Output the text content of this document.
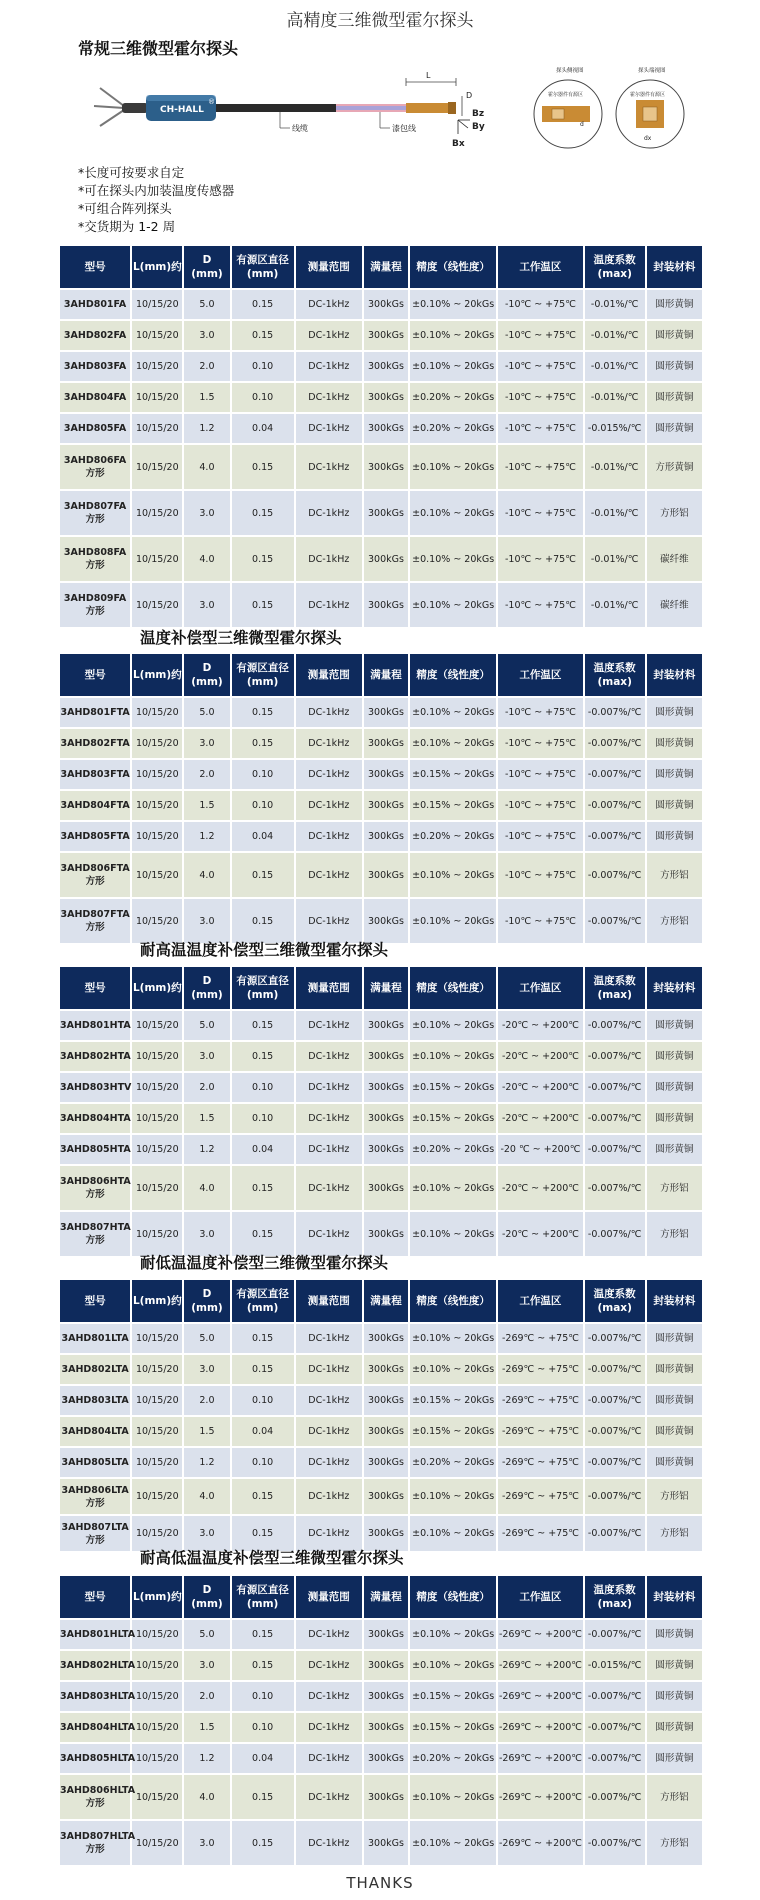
高精度三维微型霍尔探头
常规三维微型霍尔探头
CH-HALL
®
L
D
Bz
By
Bx
线缆	漆包线
探头侧视图
霍尔器件有源区
d
探头端视图
霍尔器件有源区
dx
*长度可按要求自定
*可在探头内加装温度传感器
*可组合阵列探头
*交货期为 1-2 周
型号	L(mm)约	D
(mm)	有源区直径
(mm)	测量范围	满量程	精度（线性度）	工作温区	温度系数
(max)	封装材料
3AHD801FA	10/15/20	5.0	0.15	DC-1kHz	300kGs	±0.10% ~ 20kGs	-10℃ ~ +75℃	-0.01%/℃	圆形黄铜
3AHD802FA	10/15/20	3.0	0.15	DC-1kHz	300kGs	±0.10% ~ 20kGs	-10℃ ~ +75℃	-0.01%/℃	圆形黄铜
3AHD803FA	10/15/20	2.0	0.10	DC-1kHz	300kGs	±0.10% ~ 20kGs	-10℃ ~ +75℃	-0.01%/℃	圆形黄铜
3AHD804FA	10/15/20	1.5	0.10	DC-1kHz	300kGs	±0.20% ~ 20kGs	-10℃ ~ +75℃	-0.01%/℃	圆形黄铜
3AHD805FA	10/15/20	1.2	0.04	DC-1kHz	300kGs	±0.20% ~ 20kGs	-10℃ ~ +75℃	-0.015%/℃	圆形黄铜
3AHD806FA
方形	10/15/20	4.0	0.15	DC-1kHz	300kGs	±0.10% ~ 20kGs	-10℃ ~ +75℃	-0.01%/℃	方形黄铜
3AHD807FA
方形	10/15/20	3.0	0.15	DC-1kHz	300kGs	±0.10% ~ 20kGs	-10℃ ~ +75℃	-0.01%/℃	方形铝
3AHD808FA
方形	10/15/20	4.0	0.15	DC-1kHz	300kGs	±0.10% ~ 20kGs	-10℃ ~ +75℃	-0.01%/℃	碳纤维
3AHD809FA
方形	10/15/20	3.0	0.15	DC-1kHz	300kGs	±0.10% ~ 20kGs	-10℃ ~ +75℃	-0.01%/℃	碳纤维
温度补偿型三维微型霍尔探头
型号	L(mm)约	D
(mm)	有源区直径
(mm)	测量范围	满量程	精度（线性度）	工作温区	温度系数
(max)	封装材料
3AHD801FTA	10/15/20	5.0	0.15	DC-1kHz	300kGs	±0.10% ~ 20kGs	-10℃ ~ +75℃	-0.007%/℃	圆形黄铜
3AHD802FTA	10/15/20	3.0	0.15	DC-1kHz	300kGs	±0.10% ~ 20kGs	-10℃ ~ +75℃	-0.007%/℃	圆形黄铜
3AHD803FTA	10/15/20	2.0	0.10	DC-1kHz	300kGs	±0.15% ~ 20kGs	-10℃ ~ +75℃	-0.007%/℃	圆形黄铜
3AHD804FTA	10/15/20	1.5	0.10	DC-1kHz	300kGs	±0.15% ~ 20kGs	-10℃ ~ +75℃	-0.007%/℃	圆形黄铜
3AHD805FTA	10/15/20	1.2	0.04	DC-1kHz	300kGs	±0.20% ~ 20kGs	-10℃ ~ +75℃	-0.007%/℃	圆形黄铜
3AHD806FTA
方形	10/15/20	4.0	0.15	DC-1kHz	300kGs	±0.10% ~ 20kGs	-10℃ ~ +75℃	-0.007%/℃	方形铝
3AHD807FTA
方形	10/15/20	3.0	0.15	DC-1kHz	300kGs	±0.10% ~ 20kGs	-10℃ ~ +75℃	-0.007%/℃	方形铝
耐高温温度补偿型三维微型霍尔探头
型号	L(mm)约	D
(mm)	有源区直径
(mm)	测量范围	满量程	精度（线性度）	工作温区	温度系数
(max)	封装材料
3AHD801HTA	10/15/20	5.0	0.15	DC-1kHz	300kGs	±0.10% ~ 20kGs	-20℃ ~ +200℃	-0.007%/℃	圆形黄铜
3AHD802HTA	10/15/20	3.0	0.15	DC-1kHz	300kGs	±0.10% ~ 20kGs	-20℃ ~ +200℃	-0.007%/℃	圆形黄铜
3AHD803HTV	10/15/20	2.0	0.10	DC-1kHz	300kGs	±0.15% ~ 20kGs	-20℃ ~ +200℃	-0.007%/℃	圆形黄铜
3AHD804HTA	10/15/20	1.5	0.10	DC-1kHz	300kGs	±0.15% ~ 20kGs	-20℃ ~ +200℃	-0.007%/℃	圆形黄铜
3AHD805HTA	10/15/20	1.2	0.04	DC-1kHz	300kGs	±0.20% ~ 20kGs	-20 ℃ ~ +200℃	-0.007%/℃	圆形黄铜
3AHD806HTA
方形	10/15/20	4.0	0.15	DC-1kHz	300kGs	±0.10% ~ 20kGs	-20℃ ~ +200℃	-0.007%/℃	方形铝
3AHD807HTA
方形	10/15/20	3.0	0.15	DC-1kHz	300kGs	±0.10% ~ 20kGs	-20℃ ~ +200℃	-0.007%/℃	方形铝
耐低温温度补偿型三维微型霍尔探头
型号	L(mm)约	D
(mm)	有源区直径
(mm)	测量范围	满量程	精度（线性度）	工作温区	温度系数
(max)	封装材料
3AHD801LTA	10/15/20	5.0	0.15	DC-1kHz	300kGs	±0.10% ~ 20kGs	-269℃ ~ +75℃	-0.007%/℃	圆形黄铜
3AHD802LTA	10/15/20	3.0	0.15	DC-1kHz	300kGs	±0.10% ~ 20kGs	-269℃ ~ +75℃	-0.007%/℃	圆形黄铜
3AHD803LTA	10/15/20	2.0	0.10	DC-1kHz	300kGs	±0.15% ~ 20kGs	-269℃ ~ +75℃	-0.007%/℃	圆形黄铜
3AHD804LTA	10/15/20	1.5	0.04	DC-1kHz	300kGs	±0.15% ~ 20kGs	-269℃ ~ +75℃	-0.007%/℃	圆形黄铜
3AHD805LTA	10/15/20	1.2	0.10	DC-1kHz	300kGs	±0.20% ~ 20kGs	-269℃ ~ +75℃	-0.007%/℃	圆形黄铜
3AHD806LTA
方形	10/15/20	4.0	0.15	DC-1kHz	300kGs	±0.10% ~ 20kGs	-269℃ ~ +75℃	-0.007%/℃	方形铝
3AHD807LTA
方形	10/15/20	3.0	0.15	DC-1kHz	300kGs	±0.10% ~ 20kGs	-269℃ ~ +75℃	-0.007%/℃	方形铝
耐高低温温度补偿型三维微型霍尔探头
型号	L(mm)约	D
(mm)	有源区直径
(mm)	测量范围	满量程	精度（线性度）	工作温区	温度系数
(max)	封装材料
3AHD801HLTA	10/15/20	5.0	0.15	DC-1kHz	300kGs	±0.10% ~ 20kGs	-269℃ ~ +200℃	-0.007%/℃	圆形黄铜
3AHD802HLTA	10/15/20	3.0	0.15	DC-1kHz	300kGs	±0.10% ~ 20kGs	-269℃ ~ +200℃	-0.015%/℃	圆形黄铜
3AHD803HLTA	10/15/20	2.0	0.10	DC-1kHz	300kGs	±0.15% ~ 20kGs	-269℃ ~ +200℃	-0.007%/℃	圆形黄铜
3AHD804HLTA	10/15/20	1.5	0.10	DC-1kHz	300kGs	±0.15% ~ 20kGs	-269℃ ~ +200℃	-0.007%/℃	圆形黄铜
3AHD805HLTA	10/15/20	1.2	0.04	DC-1kHz	300kGs	±0.20% ~ 20kGs	-269℃ ~ +200℃	-0.007%/℃	圆形黄铜
3AHD806HLTA
方形	10/15/20	4.0	0.15	DC-1kHz	300kGs	±0.10% ~ 20kGs	-269℃ ~ +200℃	-0.007%/℃	方形铝
3AHD807HLTA
方形	10/15/20	3.0	0.15	DC-1kHz	300kGs	±0.10% ~ 20kGs	-269℃ ~ +200℃	-0.007%/℃	方形铝
THANKS
